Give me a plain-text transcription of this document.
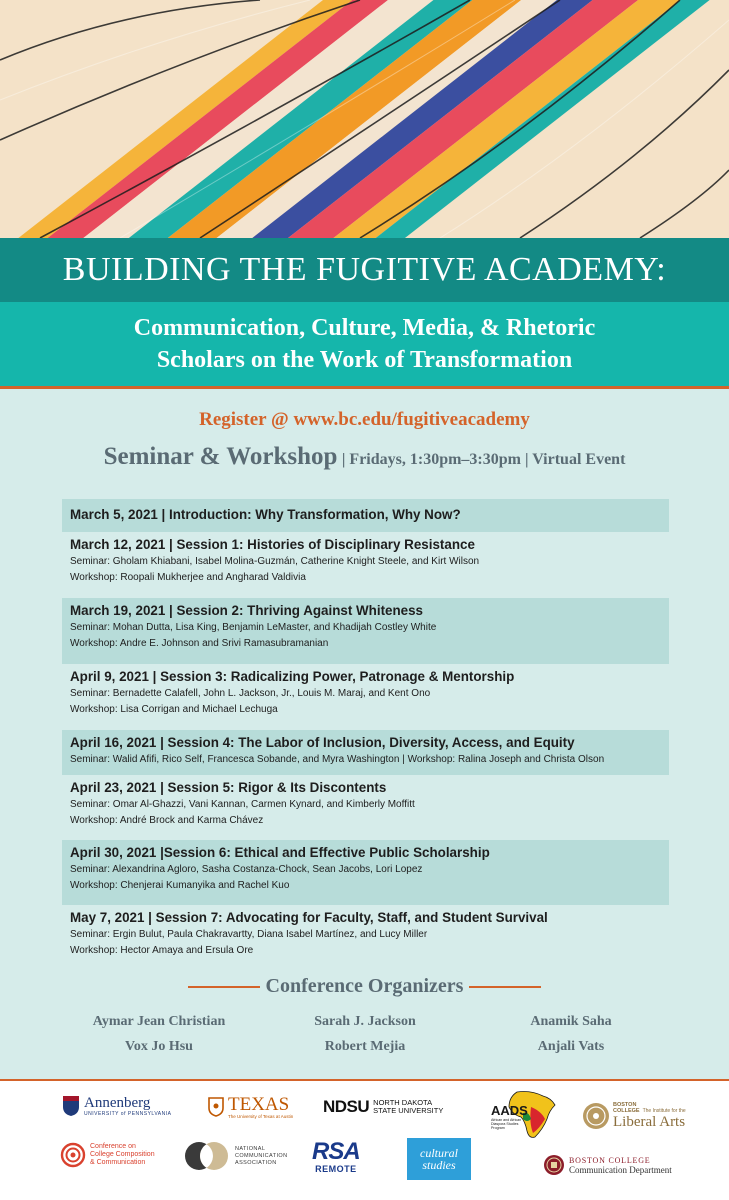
BUILDING THE FUGITIVE ACADEMY:
Communication, Culture, Media, & Rhetoric
Scholars on the Work of Transformation
Register @ www.bc.edu/fugitiveacademy
Seminar & Workshop | Fridays, 1:30pm–3:30pm | Virtual Event
March 5, 2021 | Introduction: Why Transformation, Why Now?
March 12, 2021 | Session 1: Histories of Disciplinary Resistance
Seminar: Gholam Khiabani, Isabel Molina-Guzmán, Catherine Knight Steele, and Kirt Wilson
Workshop: Roopali Mukherjee and Angharad Valdivia
March 19, 2021 | Session 2: Thriving Against Whiteness
Seminar: Mohan Dutta, Lisa King, Benjamin LeMaster, and Khadijah Costley White
Workshop: Andre E. Johnson and Srivi Ramasubramanian
April 9, 2021 | Session 3: Radicalizing Power, Patronage & Mentorship
Seminar: Bernadette Calafell, John L. Jackson, Jr., Louis M. Maraj, and Kent Ono
Workshop: Lisa Corrigan and Michael Lechuga
April 16, 2021 | Session 4: The Labor of Inclusion, Diversity, Access, and Equity
Seminar: Walid Afifi, Rico Self, Francesca Sobande, and Myra Washington | Workshop: Ralina Joseph and Christa Olson
April 23, 2021 | Session 5: Rigor & Its Discontents
Seminar: Omar Al-Ghazzi, Vani Kannan, Carmen Kynard, and Kimberly Moffitt
Workshop: André Brock and Karma Chávez
April 30, 2021 |Session 6: Ethical and Effective Public Scholarship
Seminar: Alexandrina Agloro, Sasha Costanza-Chock, Sean Jacobs, Lori Lopez
Workshop: Chenjerai Kumanyika and Rachel Kuo
May 7, 2021 | Session 7: Advocating for Faculty, Staff, and Student Survival
Seminar: Ergin Bulut, Paula Chakravartty, Diana Isabel Martínez, and Lucy Miller
Workshop: Hector Amaya and Ersula Ore
Conference Organizers
Aymar Jean Christian	Sarah J. Jackson	Anamik Saha
Vox Jo Hsu	Robert Mejia	Anjali Vats
Annenberg
UNIVERSITY of PENNSYLVANIA	TEXAS
The University of Texas at Austin
NDSU NORTH DAKOTA
STATE UNIVERSITY	AADS
African and African
Diaspora Studies
Program
BOSTON
COLLEGE The Institute for the
Liberal Arts
Conference on
College Composition
& Communication
NATIONAL
COMMUNICATION
ASSOCIATION	RSA
REMOTE
cultural
studies	BOSTON COLLEGE
Communication Department
